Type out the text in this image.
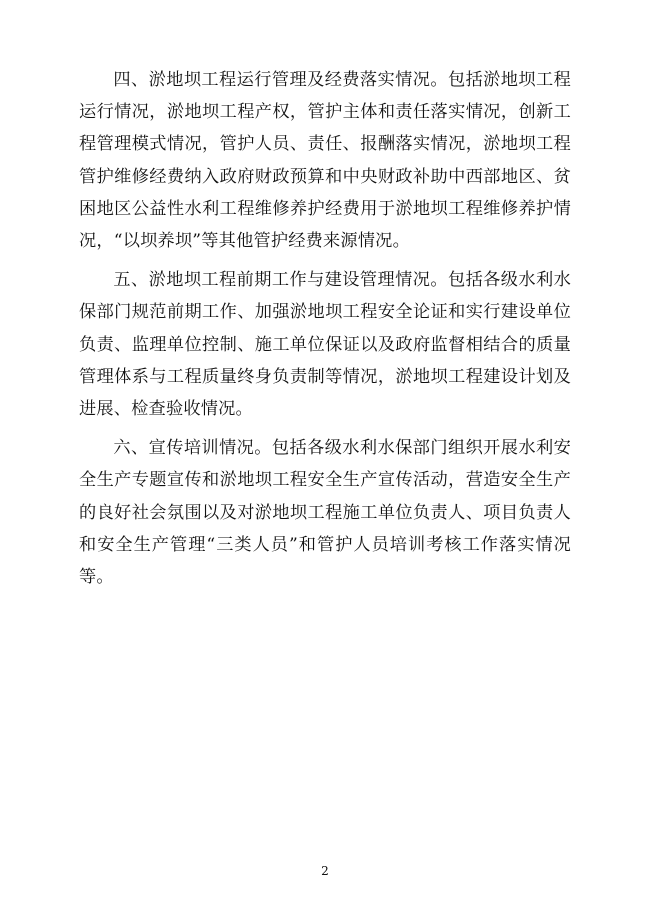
四、淤地坝工程运行管理及经费落实情况。包括淤地坝工程运行情况，淤地坝工程产权，管护主体和责任落实情况，创新工程管理模式情况，管护人员、责任、报酬落实情况，淤地坝工程管护维修经费纳入政府财政预算和中央财政补助中西部地区、贫困地区公益性水利工程维修养护经费用于淤地坝工程维修养护情况，“以坝养坝”等其他管护经费来源情况。

五、淤地坝工程前期工作与建设管理情况。包括各级水利水保部门规范前期工作、加强淤地坝工程安全论证和实行建设单位负责、监理单位控制、施工单位保证以及政府监督相结合的质量管理体系与工程质量终身负责制等情况，淤地坝工程建设计划及进展、检查验收情况。

六、宣传培训情况。包括各级水利水保部门组织开展水利安全生产专题宣传和淤地坝工程安全生产宣传活动，营造安全生产的良好社会氛围以及对淤地坝工程施工单位负责人、项目负责人和安全生产管理“三类人员”和管护人员培训考核工作落实情况等。

2
